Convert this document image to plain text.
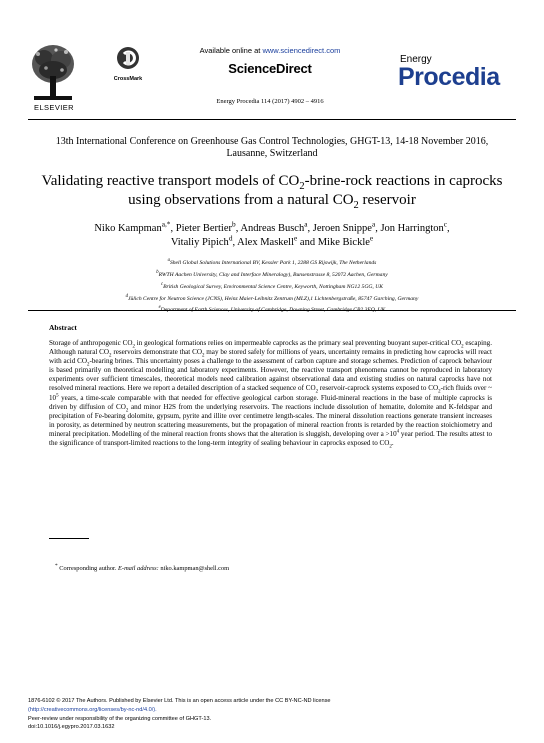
ELSEVIER
CrossMark
Available online at www.sciencedirect.com
ScienceDirect
Energy Procedia 114 (2017) 4902 – 4916
Energy
Procedia
13th International Conference on Greenhouse Gas Control Technologies, GHGT-13, 14-18 November 2016, Lausanne, Switzerland
Validating reactive transport models of $CO_2-brine$-rock reactions in caprocks using observations from a natural $CO_2$ reservoir
Niko Kampman$^{a,*}$, Pieter Bertier$^b$, Andreas Busch$^a$, Jeroen Snippe$^a$, Jon Harrington$^c$,
Vitaliy Pipich$^d$, Alex Maskell$^e$ and Mike Bickle$^e$
$^a$Shell Global Solutions International BV, Kessler Park 1, 2288 GS Rijswijk, The Netherlands
$^b$RWTH Aachen University, Clay and Interface Mineralogy), Bunsenstrasse 8, 52072 Aachen, Germany
$^c$British Geological Survey, Environmental Science Centre, Keyworth, Nottingham NG12 5GG, UK
$^d$Jülich Centre for Neutron Science (JCNS), Heinz Maier-Leibnitz Zentrum (MLZ),1 Lichtenbergstraße, 85747 Garching, Germany
$^e$Department of Earth Sciences, University of Cambridge, Downing Street, Cambridge CB2 3EQ, UK
Abstract
Storage of anthropogenic $CO_2$ in geological formations relies on impermeable caprocks as the primary seal preventing buoyant super-critical $CO_2$ escaping. Although natural $CO_2$ reservoirs demonstrate that $CO_2$ may be stored safely for millions of years, uncertainty remains in predicting how caprocks will react with acid $CO_2$-bearing brines. This uncertainty poses a challenge to the assessment of carbon capture and storage schemes. Prediction of caprock behaviour is based primarily on theoretical modelling and laboratory experiments. However, the reactive transport phenomena cannot be reproduced in laboratory experiments over sufficient timescales, theoretical models need calibration against observational data and existing studies on natural caprocks have not resolved mineral reactions. Here we report a detailed description of a stacked sequence of $CO_2$ reservoir-caprock systems exposed to $CO_2$-rich fluids over ~ $10^5$ years, a time-scale comparable with that needed for effective geological carbon storage. Fluid-mineral reactions in the base of multiple caprocks is driven by diffusion of $CO_2$ and minor H2S from the underlying reservoirs. The reactions include dissolution of hematite, dolomite and K-feldspar and precipitation of Fe-bearing dolomite, gypsum, pyrite and illite over centimetre length-scales. The mineral dissolution reactions generate transient increases in porosity, as determined by neutron scattering measurements, but the propagation of mineral reaction fronts is retarded by the reaction stoichiometry and mineral precipitation. Modelling of the mineral reaction fronts shows that the alteration is sluggish, developing over $a >10^4$ year period. The results attest to the significance of transport-limited reactions to the long-term integrity of sealing behaviour in caprocks exposed to $CO_2$.
* Corresponding author. E-mail address: niko.kampman@shell.com
1876-6102 © 2017 The Authors. Published by Elsevier Ltd. This is an open access article under the CC BY-NC-ND license
(http://creativecommons.org/licenses/by-nc-nd/4.0/).
Peer-review under responsibility of the organizing committee of GHGT-13.
doi:10.1016/j.egypro.2017.03.1632
